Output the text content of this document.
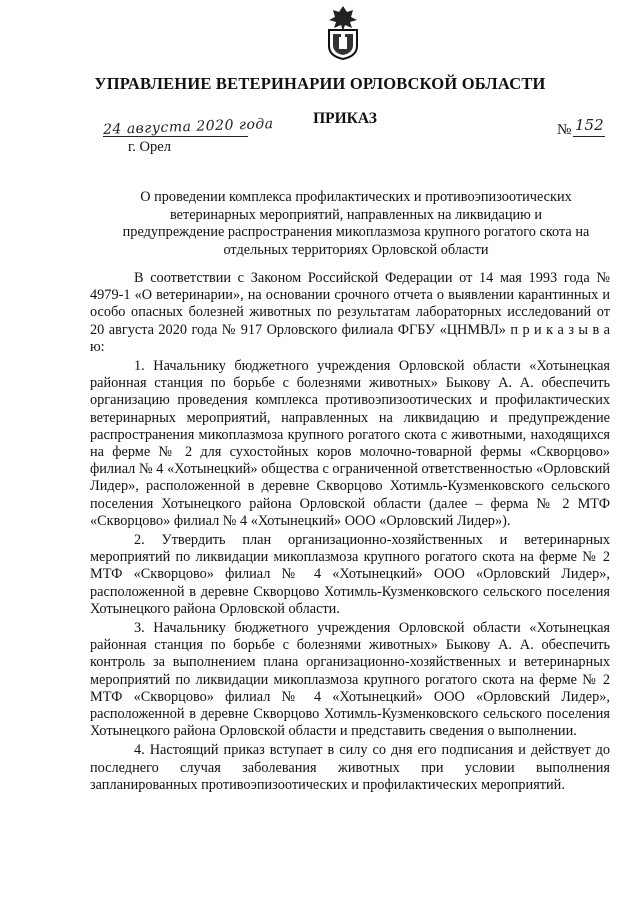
УПРАВЛЕНИЕ ВЕТЕРИНАРИИ ОРЛОВСКОЙ ОБЛАСТИ
ПРИКАЗ
24 августа 2020 года
г. Орел
№ 152
О проведении комплекса профилактических и противоэпизоотических ветеринарных мероприятий, направленных на ликвидацию и предупреждение распространения микоплазмоза крупного рогатого скота на отдельных территориях Орловской области

В соответствии с Законом Российской Федерации от 14 мая 1993 года № 4979-1 «О ветеринарии», на основании срочного отчета о выявлении карантинных и особо опасных болезней животных по результатам лабораторных исследований от 20 августа 2020 года № 917 Орловского филиала ФГБУ «ЦНМВЛ» п р и к а з ы в а ю:

1. Начальнику бюджетного учреждения Орловской области «Хотынецкая районная станция по борьбе с болезнями животных» Быкову А. А. обеспечить организацию проведения комплекса противоэпизоотических и профилактических ветеринарных мероприятий, направленных на ликвидацию и предупреждение распространения микоплазмоза крупного рогатого скота с животными, находящихся на ферме № 2 для сухостойных коров молочно-товарной фермы «Скворцово» филиал № 4 «Хотынецкий» общества с ограниченной ответственностью «Орловский Лидер», расположенной в деревне Скворцово Хотимль-Кузменковского сельского поселения Хотынецкого района Орловской области (далее – ферма № 2 МТФ «Скворцово» филиал № 4 «Хотынецкий» ООО «Орловский Лидер»).

2. Утвердить план организационно-хозяйственных и ветеринарных мероприятий по ликвидации микоплазмоза крупного рогатого скота на ферме № 2 МТФ «Скворцово» филиал № 4 «Хотынецкий» ООО «Орловский Лидер», расположенной в деревне Скворцово Хотимль-Кузменковского сельского поселения Хотынецкого района Орловской области.

3. Начальнику бюджетного учреждения Орловской области «Хотынецкая районная станция по борьбе с болезнями животных» Быкову А. А. обеспечить контроль за выполнением плана организационно-хозяйственных и ветеринарных мероприятий по ликвидации микоплазмоза крупного рогатого скота на ферме № 2 МТФ «Скворцово» филиал № 4 «Хотынецкий» ООО «Орловский Лидер», расположенной в деревне Скворцово Хотимль-Кузменковского сельского поселения Хотынецкого района Орловской области и представить сведения о выполнении.

4. Настоящий приказ вступает в силу со дня его подписания и действует до последнего случая заболевания животных при условии выполнения запланированных противоэпизоотических и профилактических мероприятий.
